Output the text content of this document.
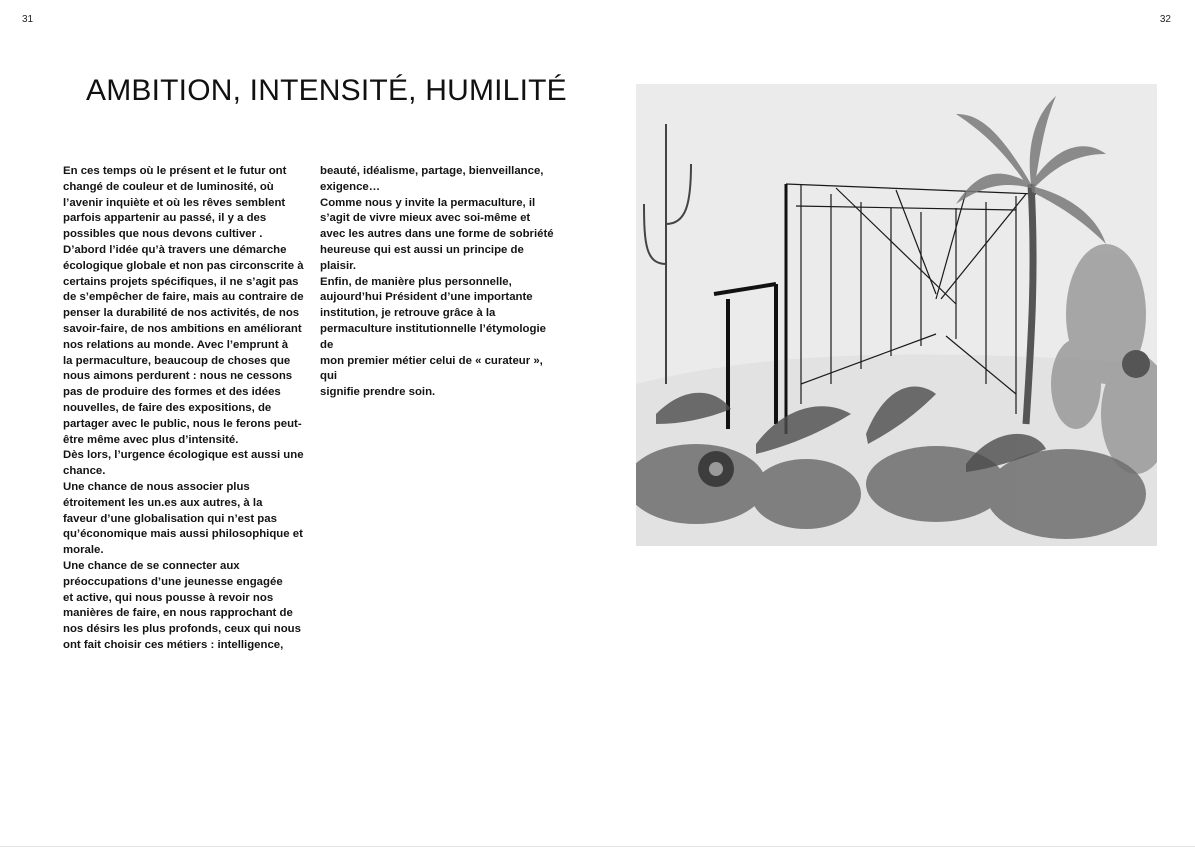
31	32
AMBITION, INTENSITÉ, HUMILITÉ

En ces temps où le présent et le futur ont

changé de couleur et de luminosité, où

l’avenir inquiète et où les rêves semblent

parfois appartenir au passé, il y a des

possibles que nous devons cultiver .

D’abord l’idée qu’à travers une démarche

écologique globale et non pas circonscrite à

certains projets spécifiques, il ne s’agit pas

de s’empêcher de faire, mais au contraire de

penser la durabilité de nos activités, de nos

savoir-faire, de nos ambitions en améliorant

nos relations au monde. Avec l’emprunt à

la permaculture, beaucoup de choses que

nous aimons perdurent : nous ne cessons

pas de produire des formes et des idées

nouvelles, de faire des expositions, de

partager avec le public, nous le ferons peut-

être même avec plus d’intensité.

Dès lors, l’urgence écologique est aussi une

chance.

Une chance de nous associer plus

étroitement les un.es aux autres, à la

faveur d’une globalisation qui n’est pas

qu’économique mais aussi philosophique et

morale.

Une chance de se connecter aux

préoccupations d’une jeunesse engagée

et active, qui nous pousse à revoir nos

manières de faire, en nous rapprochant de

nos désirs les plus profonds, ceux qui nous

ont fait choisir ces métiers : intelligence,

beauté, idéalisme, partage, bienveillance,

exigence…

Comme nous y invite la permaculture, il

s’agit de vivre mieux avec soi-même et

avec les autres dans une forme de sobriété

heureuse qui est aussi un principe de plaisir.

Enfin, de manière plus personnelle,

aujourd’hui Président d’une importante

institution, je retrouve grâce à la

permaculture institutionnelle l’étymologie de

mon premier métier celui de « curateur », qui

signifie prendre soin.
